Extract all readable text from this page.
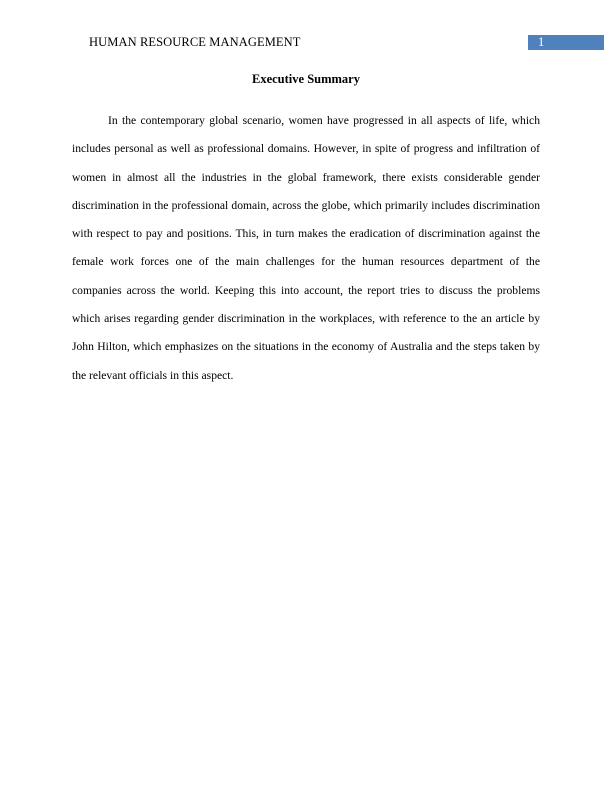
HUMAN RESOURCE MANAGEMENT	1
Executive Summary

In the contemporary global scenario, women have progressed in all aspects of life, which includes personal as well as professional domains. However, in spite of progress and infiltration of women in almost all the industries in the global framework, there exists considerable gender discrimination in the professional domain, across the globe, which primarily includes discrimination with respect to pay and positions. This, in turn makes the eradication of discrimination against the female work forces one of the main challenges for the human resources department of the companies across the world. Keeping this into account, the report tries to discuss the problems which arises regarding gender discrimination in the workplaces, with reference to the an article by John Hilton, which emphasizes on the situations in the economy of Australia and the steps taken by the relevant officials in this aspect.
